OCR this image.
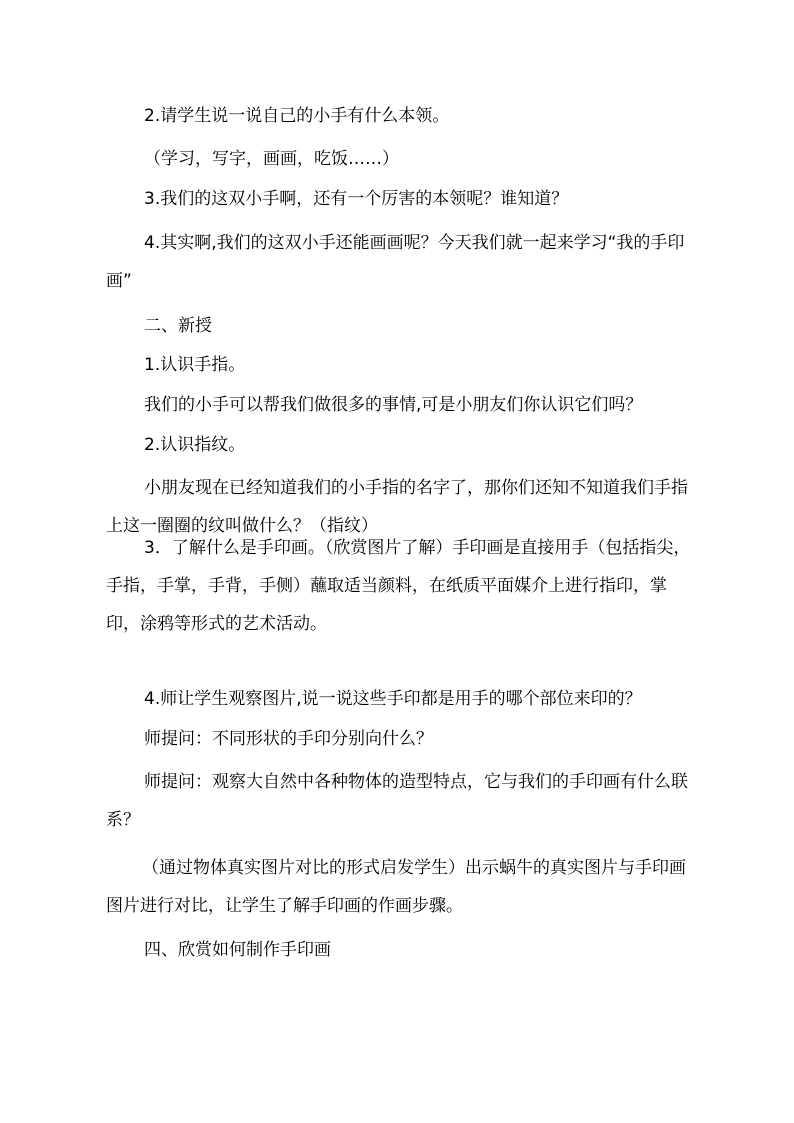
2.请学生说一说自己的小手有什么本领。

（学习，写字，画画，吃饭……）

3.我们的这双小手啊，还有一个厉害的本领呢？谁知道？

4.其实啊,我们的这双小手还能画画呢？今天我们就一起来学习“我的手印画”

二、新授

1.认识手指。

我们的小手可以帮我们做很多的事情,可是小朋友们你认识它们吗？

2.认识指纹。

小朋友现在已经知道我们的小手指的名字了，那你们还知不知道我们手指上这一圈圈的纹叫做什么？（指纹）

3．了解什么是手印画。（欣赏图片了解）手印画是直接用手（包括指尖，手指，手掌，手背，手侧）蘸取适当颜料，在纸质平面媒介上进行指印，掌印，涂鸦等形式的艺术活动。

4.师让学生观察图片,说一说这些手印都是用手的哪个部位来印的？

师提问：不同形状的手印分别向什么？

师提问：观察大自然中各种物体的造型特点，它与我们的手印画有什么联系？

（通过物体真实图片对比的形式启发学生）出示蜗牛的真实图片与手印画图片进行对比，让学生了解手印画的作画步骤。

四、欣赏如何制作手印画
